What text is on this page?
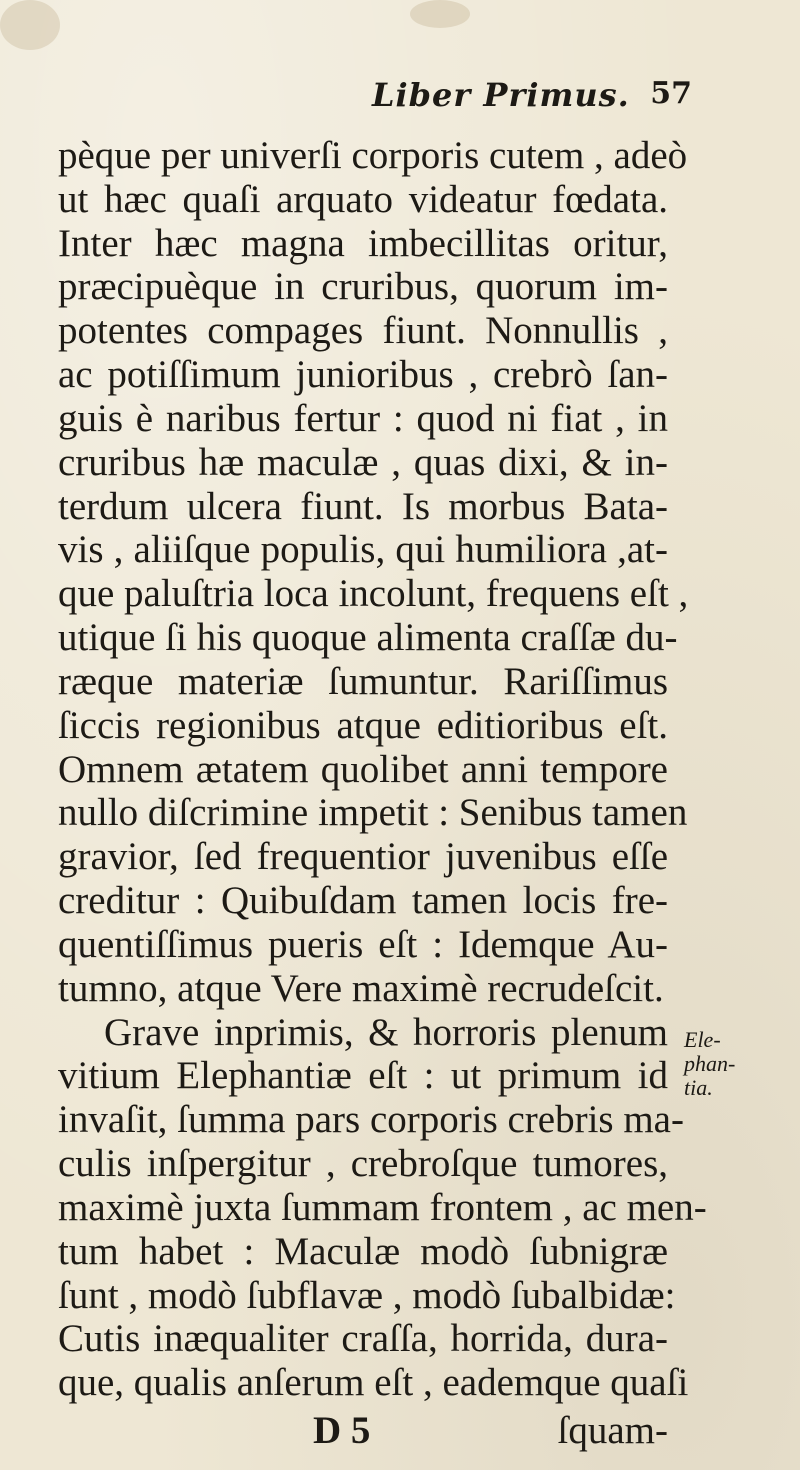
Liber Primus. 57
pèque per univerſi corporis cutem , adeò
ut hæc quaſi arquato videatur fœdata.
Inter hæc magna imbecillitas oritur,
præcipuèque in cruribus, quorum im-
potentes compages fiunt. Nonnullis ,
ac potiſſimum junioribus , crebrò ſan-
guis è naribus fertur : quod ni fiat , in
cruribus hæ maculæ , quas dixi, & in-
terdum ulcera fiunt. Is morbus Bata-
vis , aliiſque populis, qui humiliora ,at-
que paluſtria loca incolunt, frequens eſt ,
utique ſi his quoque alimenta craſſæ du-
ræque materiæ ſumuntur. Rariſſimus
ſiccis regionibus atque editioribus eſt.
Omnem ætatem quolibet anni tempore
nullo diſcrimine impetit : Senibus tamen
gravior, ſed frequentior juvenibus eſſe
creditur : Quibuſdam tamen locis fre-
quentiſſimus pueris eſt : Idemque Au-
tumno, atque Vere maximè recrudeſcit.
Grave inprimis, & horroris plenum
vitium Elephantiæ eſt : ut primum id
invaſit, ſumma pars corporis crebris ma-
culis inſpergitur , crebroſque tumores,
maximè juxta ſummam frontem , ac men-
tum habet : Maculæ modò ſubnigræ
ſunt , modò ſubflavæ , modò ſubalbidæ:
Cutis inæqualiter craſſa, horrida, dura-
que, qualis anſerum eſt , eademque quaſi
Ele-
phan-
tia.
D 5	ſquam-
